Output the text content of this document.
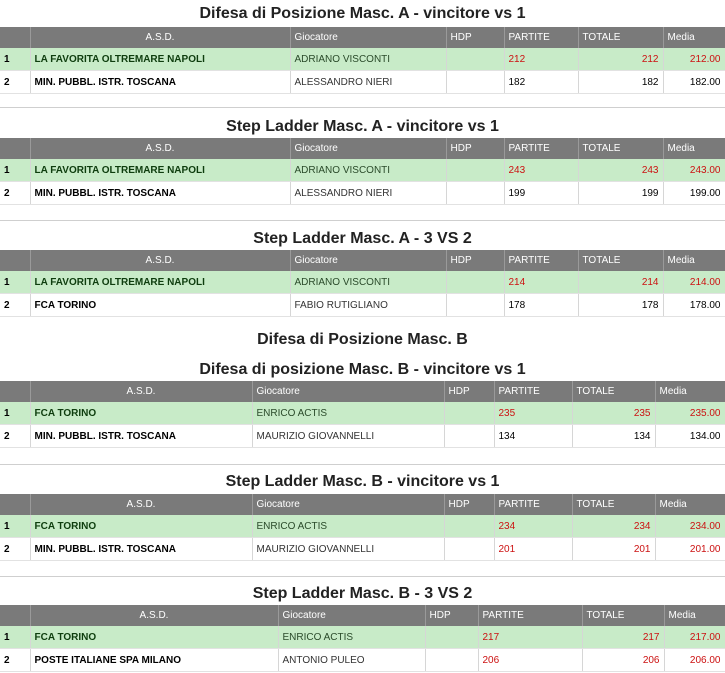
Difesa di Posizione Masc. A - vincitore vs 1
	A.S.D.	Giocatore	HDP	PARTITE	TOTALE	Media
1	LA FAVORITA OLTREMARE NAPOLI	ADRIANO VISCONTI		212	212	212.00
2	MIN. PUBBL. ISTR. TOSCANA	ALESSANDRO NIERI		182	182	182.00
Step Ladder Masc. A - vincitore vs 1
	A.S.D.	Giocatore	HDP	PARTITE	TOTALE	Media
1	LA FAVORITA OLTREMARE NAPOLI	ADRIANO VISCONTI		243	243	243.00
2	MIN. PUBBL. ISTR. TOSCANA	ALESSANDRO NIERI		199	199	199.00
Step Ladder Masc. A - 3 VS 2
	A.S.D.	Giocatore	HDP	PARTITE	TOTALE	Media
1	LA FAVORITA OLTREMARE NAPOLI	ADRIANO VISCONTI		214	214	214.00
2	FCA TORINO	FABIO RUTIGLIANO		178	178	178.00
Difesa di Posizione Masc. B
Difesa di posizione Masc. B - vincitore vs 1
	A.S.D.	Giocatore	HDP	PARTITE	TOTALE	Media
1	FCA TORINO	ENRICO ACTIS		235	235	235.00
2	MIN. PUBBL. ISTR. TOSCANA	MAURIZIO GIOVANNELLI		134	134	134.00
Step Ladder Masc. B - vincitore vs 1
	A.S.D.	Giocatore	HDP	PARTITE	TOTALE	Media
1	FCA TORINO	ENRICO ACTIS		234	234	234.00
2	MIN. PUBBL. ISTR. TOSCANA	MAURIZIO GIOVANNELLI		201	201	201.00
Step Ladder Masc. B - 3 VS 2
	A.S.D.	Giocatore	HDP	PARTITE	TOTALE	Media
1	FCA TORINO	ENRICO ACTIS		217	217	217.00
2	POSTE ITALIANE SPA MILANO	ANTONIO PULEO		206	206	206.00
